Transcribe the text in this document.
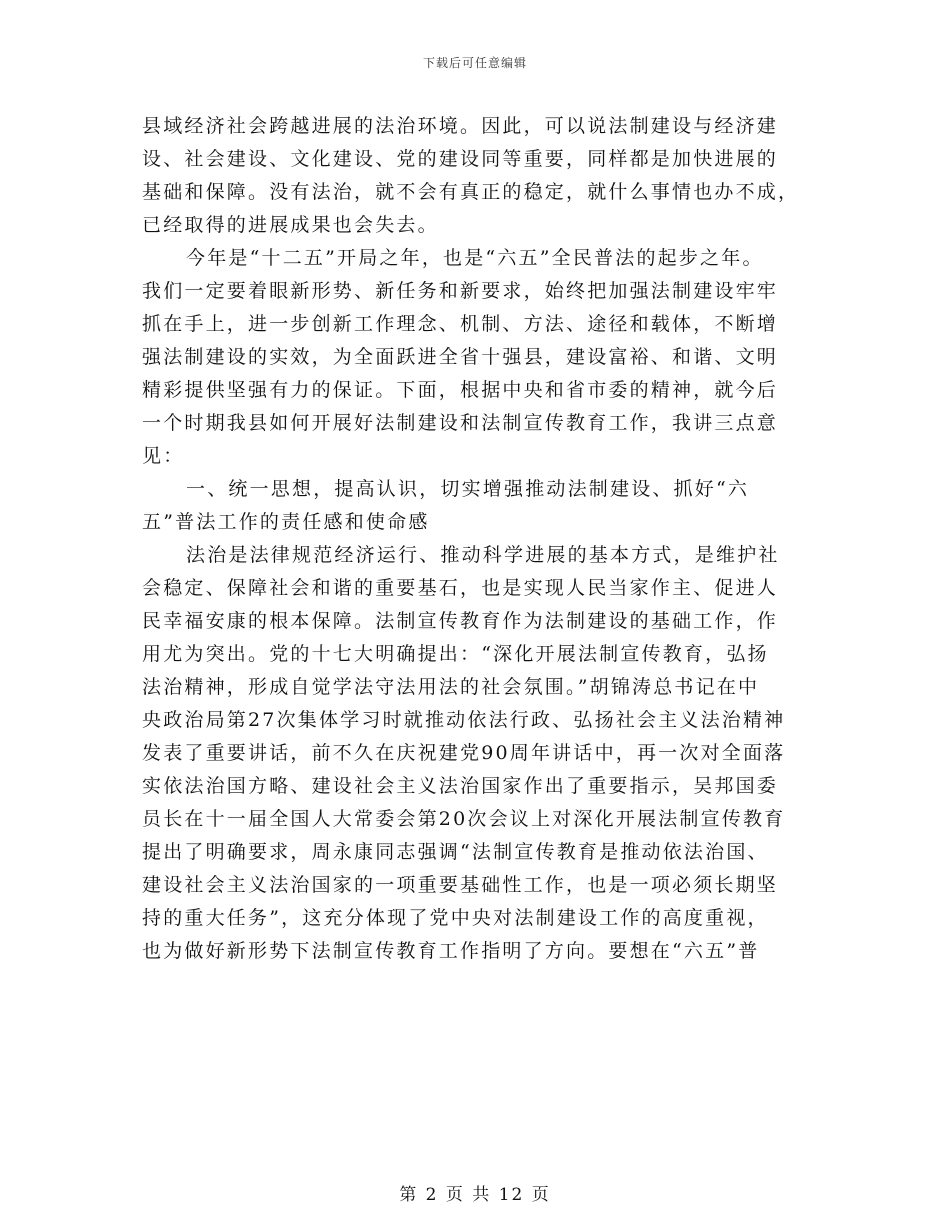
下载后可任意编辑

县域经济社会跨越进展的法治环境。因此，可以说法制建设与经济建
设、社会建设、文化建设、党的建设同等重要，同样都是加快进展的
基础和保障。没有法治，就不会有真正的稳定，就什么事情也办不成，
已经取得的进展成果也会失去。

今年是“十二五”开局之年，也是“六五”全民普法的起步之年。
我们一定要着眼新形势、新任务和新要求，始终把加强法制建设牢牢
抓在手上，进一步创新工作理念、机制、方法、途径和载体，不断增
强法制建设的实效，为全面跃进全省十强县，建设富裕、和谐、文明
精彩提供坚强有力的保证。下面，根据中央和省市委的精神，就今后
一个时期我县如何开展好法制建设和法制宣传教育工作，我讲三点意
见：

一、统一思想，提高认识，切实增强推动法制建设、抓好“六
五”普法工作的责任感和使命感

法治是法律规范经济运行、推动科学进展的基本方式，是维护社
会稳定、保障社会和谐的重要基石，也是实现人民当家作主、促进人
民幸福安康的根本保障。法制宣传教育作为法制建设的基础工作，作
用尤为突出。党的十七大明确提出：“深化开展法制宣传教育，弘扬
法治精神，形成自觉学法守法用法的社会氛围。”胡锦涛总书记在中
央政治局第27次集体学习时就推动依法行政、弘扬社会主义法治精神
发表了重要讲话，前不久在庆祝建党90周年讲话中，再一次对全面落
实依法治国方略、建设社会主义法治国家作出了重要指示，吴邦国委
员长在十一届全国人大常委会第20次会议上对深化开展法制宣传教育
提出了明确要求，周永康同志强调“法制宣传教育是推动依法治国、
建设社会主义法治国家的一项重要基础性工作，也是一项必须长期坚
持的重大任务”，这充分体现了党中央对法制建设工作的高度重视，
也为做好新形势下法制宣传教育工作指明了方向。要想在“六五”普

第 2 页 共 12 页
